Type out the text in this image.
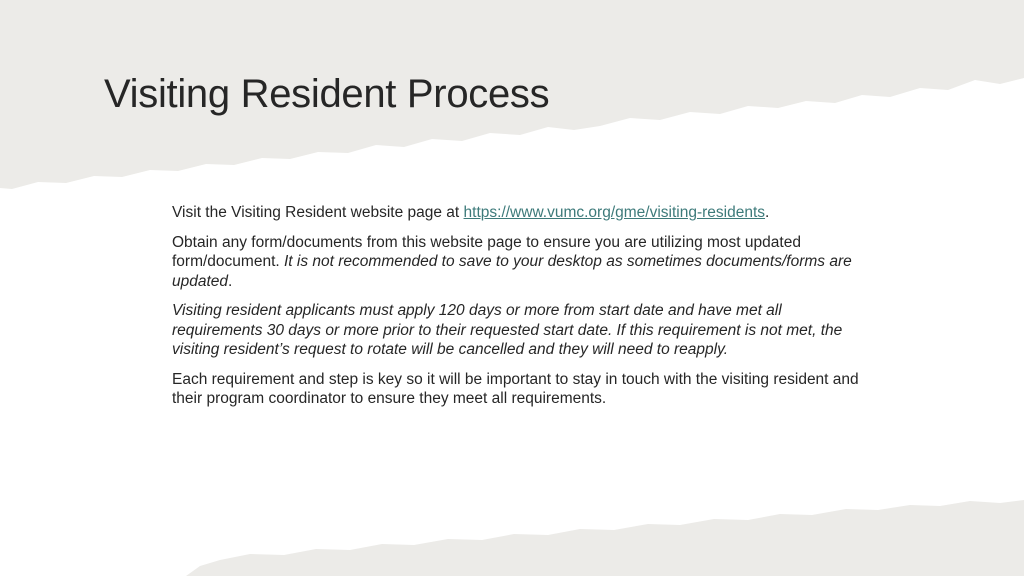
Visiting Resident Process

Visit the Visiting Resident website page at https://www.vumc.org/gme/visiting-residents.

Obtain any form/documents from this website page to ensure you are utilizing most updated form/document. It is not recommended to save to your desktop as sometimes documents/forms are updated.

Visiting resident applicants must apply 120 days or more from start date and have met all requirements 30 days or more prior to their requested start date. If this requirement is not met, the visiting resident’s request to rotate will be cancelled and they will need to reapply.

Each requirement and step is key so it will be important to stay in touch with the visiting resident and their program coordinator to ensure they meet all requirements.
